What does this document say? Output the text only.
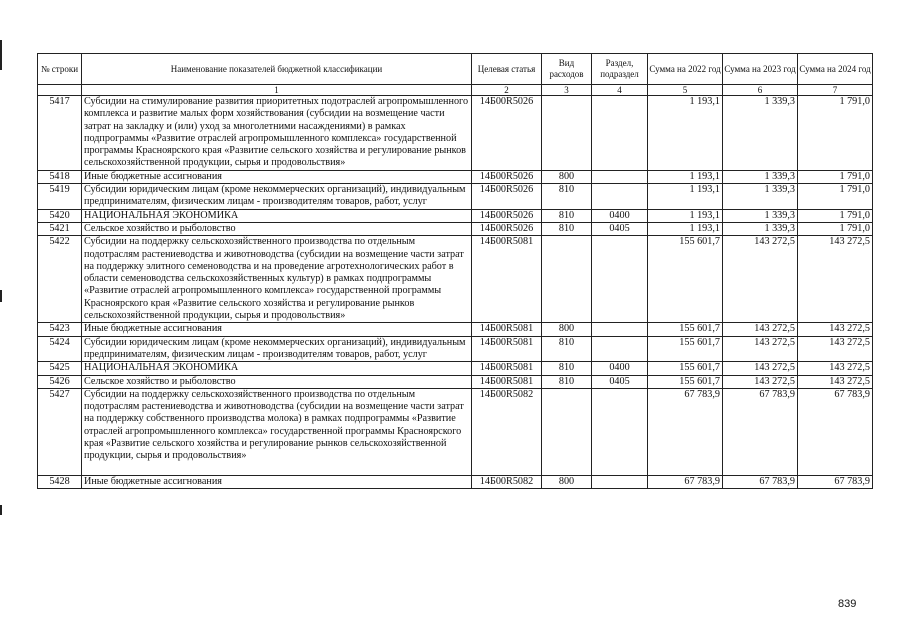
№ строки	Наименование показателей бюджетной классификации	Целевая статья	Вид расходов	Раздел, подраздел	Сумма на 2022 год	Сумма на 2023 год	Сумма на 2024 год
	1	2	3	4	5	6	7
5417	Субсидии на стимулирование развития приоритетных подотраслей агропромышленного комплекса и развитие малых форм хозяйствования (субсидии на возмещение части затрат на закладку и (или) уход за многолетними насаждениями) в рамках подпрограммы «Развитие отраслей агропромышленного комплекса» государственной программы Красноярского края «Развитие сельского хозяйства и регулирование рынков сельскохозяйственной продукции, сырья и продовольствия»	14Б00R5026			1 193,1	1 339,3	1 791,0
5418	Иные бюджетные ассигнования	14Б00R5026	800		1 193,1	1 339,3	1 791,0
5419	Субсидии юридическим лицам (кроме некоммерческих организаций), индивидуальным предпринимателям, физическим лицам - производителям товаров, работ, услуг	14Б00R5026	810		1 193,1	1 339,3	1 791,0
5420	НАЦИОНАЛЬНАЯ ЭКОНОМИКА	14Б00R5026	810	0400	1 193,1	1 339,3	1 791,0
5421	Сельское хозяйство и рыболовство	14Б00R5026	810	0405	1 193,1	1 339,3	1 791,0
5422	Субсидии на поддержку сельскохозяйственного производства по отдельным подотраслям растениеводства и животноводства (субсидии на возмещение части затрат на поддержку элитного семеноводства и на проведение агротехнологических работ в области семеноводства сельскохозяйственных культур) в рамках подпрограммы «Развитие отраслей агропромышленного комплекса» государственной программы Красноярского края «Развитие сельского хозяйства и регулирование рынков сельскохозяйственной продукции, сырья и продовольствия»	14Б00R5081			155 601,7	143 272,5	143 272,5
5423	Иные бюджетные ассигнования	14Б00R5081	800		155 601,7	143 272,5	143 272,5
5424	Субсидии юридическим лицам (кроме некоммерческих организаций), индивидуальным предпринимателям, физическим лицам - производителям товаров, работ, услуг	14Б00R5081	810		155 601,7	143 272,5	143 272,5
5425	НАЦИОНАЛЬНАЯ ЭКОНОМИКА	14Б00R5081	810	0400	155 601,7	143 272,5	143 272,5
5426	Сельское хозяйство и рыболовство	14Б00R5081	810	0405	155 601,7	143 272,5	143 272,5
5427	Субсидии на поддержку сельскохозяйственного производства по отдельным подотраслям растениеводства и животноводства (субсидии на возмещение части затрат на поддержку собственного производства молока) в рамках подпрограммы «Развитие отраслей агропромышленного комплекса» государственной программы Красноярского края «Развитие сельского хозяйства и регулирование рынков сельскохозяйственной продукции, сырья и продовольствия»	14Б00R5082			67 783,9	67 783,9	67 783,9
5428	Иные бюджетные ассигнования	14Б00R5082	800		67 783,9	67 783,9	67 783,9
839
